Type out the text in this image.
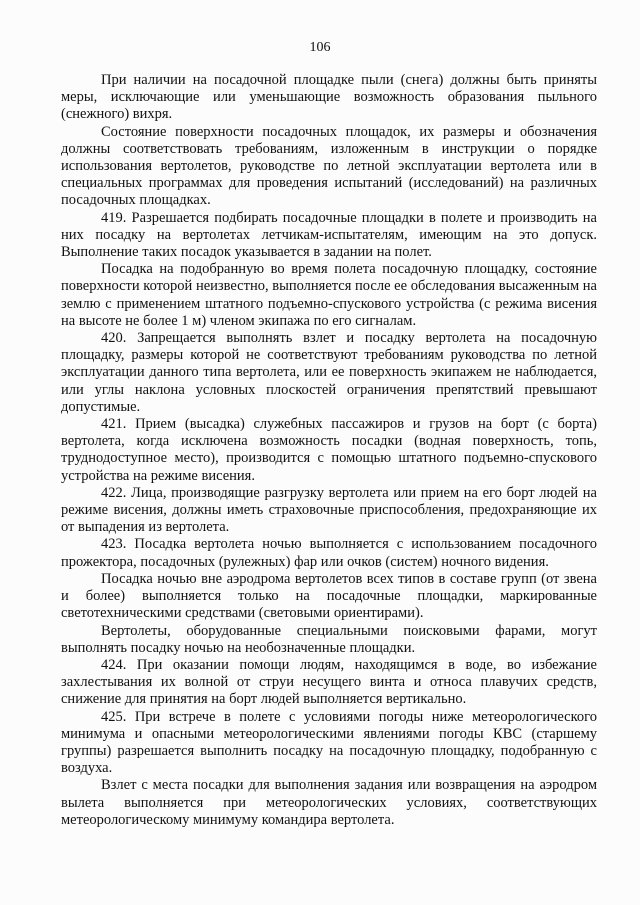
106

При наличии на посадочной площадке пыли (снега) должны быть приняты меры, исключающие или уменьшающие возможность образования пыльного (снежного) вихря.

Состояние поверхности посадочных площадок, их размеры и обозначения должны соответствовать требованиям, изложенным в инструкции о порядке использования вертолетов, руководстве по летной эксплуатации вертолета или в специальных программах для проведения испытаний (исследований) на различных посадочных площадках.

419. Разрешается подбирать посадочные площадки в полете и производить на них посадку на вертолетах летчикам-испытателям, имеющим на это допуск. Выполнение таких посадок указывается в задании на полет.

Посадка на подобранную во время полета посадочную площадку, состояние поверхности которой неизвестно, выполняется после ее обследования высаженным на землю с применением штатного подъемно-спускового устройства (с режима висения на высоте не более 1 м) членом экипажа по его сигналам.

420. Запрещается выполнять взлет и посадку вертолета на посадочную площадку, размеры которой не соответствуют требованиям руководства по летной эксплуатации данного типа вертолета, или ее поверхность экипажем не наблюдается, или углы наклона условных плоскостей ограничения препятствий превышают допустимые.

421. Прием (высадка) служебных пассажиров и грузов на борт (с борта) вертолета, когда исключена возможность посадки (водная поверхность, топь, труднодоступное место), производится с помощью штатного подъемно-спускового устройства на режиме висения.

422. Лица, производящие разгрузку вертолета или прием на его борт людей на режиме висения, должны иметь страховочные приспособления, предохраняющие их от выпадения из вертолета.

423. Посадка вертолета ночью выполняется с использованием посадочного прожектора, посадочных (рулежных) фар или очков (систем) ночного видения.

Посадка ночью вне аэродрома вертолетов всех типов в составе групп (от звена и более) выполняется только на посадочные площадки, маркированные светотехническими средствами (световыми ориентирами).

Вертолеты, оборудованные специальными поисковыми фарами, могут выполнять посадку ночью на необозначенные площадки.

424. При оказании помощи людям, находящимся в воде, во избежание захлестывания их волной от струи несущего винта и относа плавучих средств, снижение для принятия на борт людей выполняется вертикально.

425. При встрече в полете с условиями погоды ниже метеорологического минимума и опасными метеорологическими явлениями погоды КВС (старшему группы) разрешается выполнить посадку на посадочную площадку, подобранную с воздуха.

Взлет с места посадки для выполнения задания или возвращения на аэродром вылета выполняется при метеорологических условиях, соответствующих метеорологическому минимуму командира вертолета.
